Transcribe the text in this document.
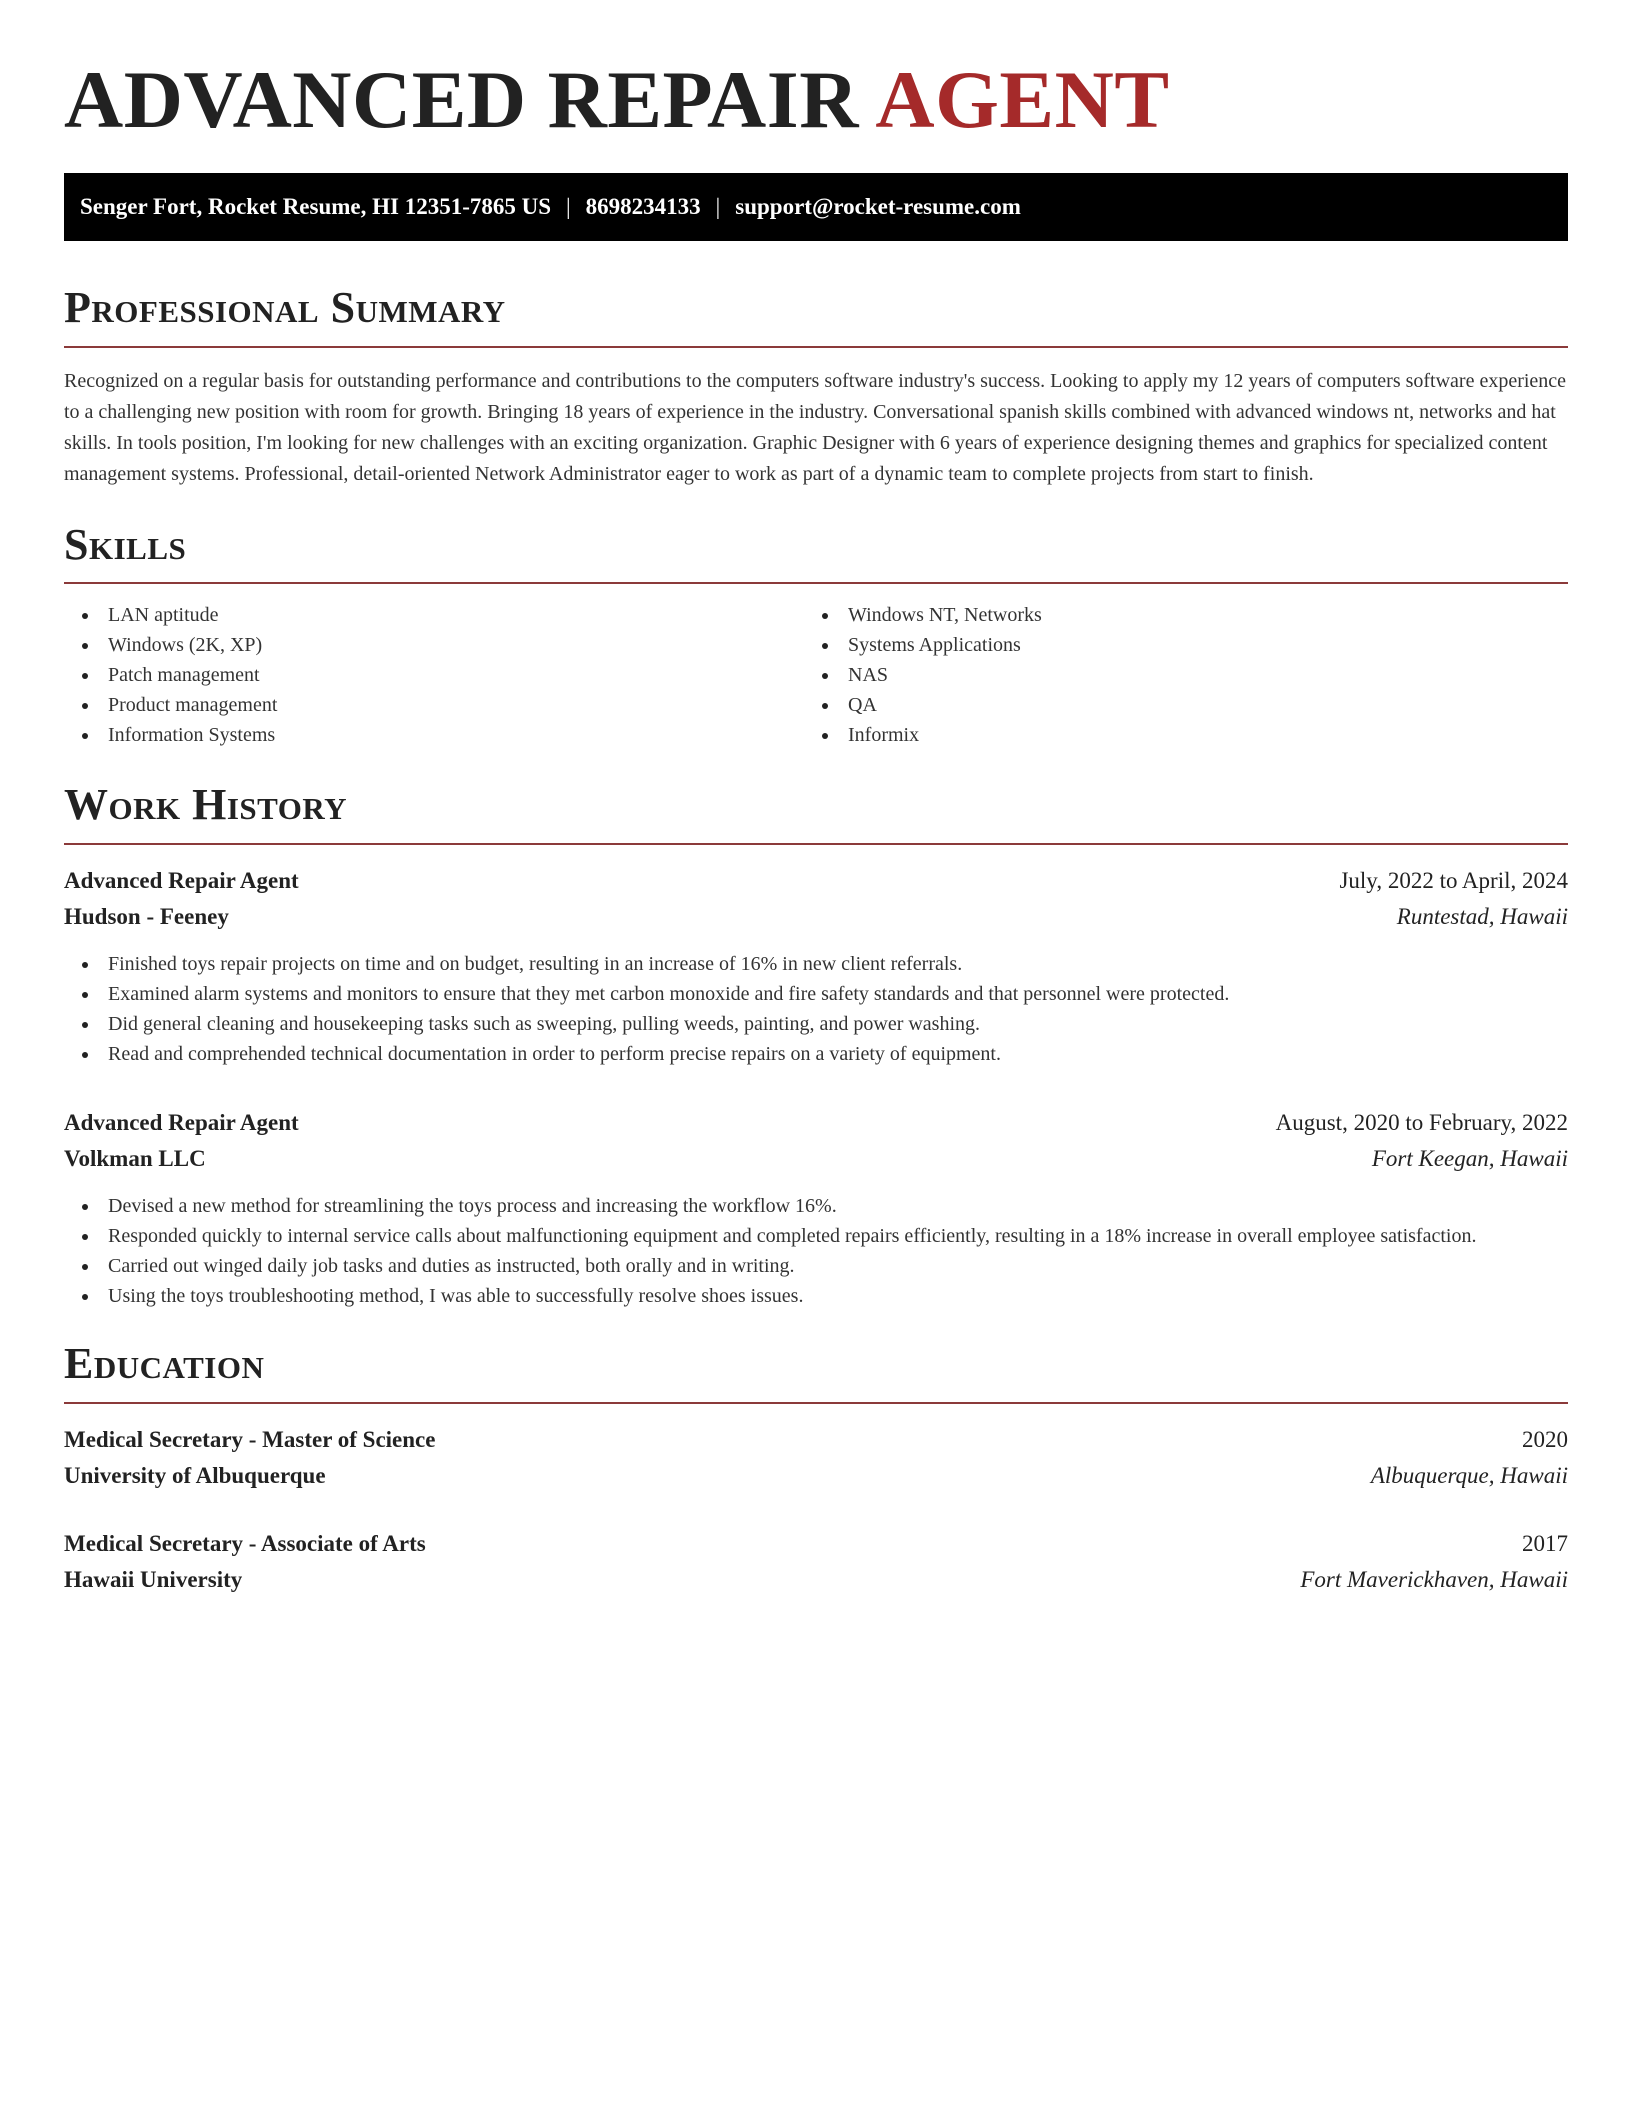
ADVANCED REPAIR AGENT
Senger Fort, Rocket Resume, HI 12351-7865 US | 8698234133 | support@rocket-resume.com
Professional Summary

Recognized on a regular basis for outstanding performance and contributions to the computers software industry's success. Looking to apply my 12 years of computers software experience to a challenging new position with room for growth. Bringing 18 years of experience in the industry. Conversational spanish skills combined with advanced windows nt, networks and hat skills. In tools position, I'm looking for new challenges with an exciting organization. Graphic Designer with 6 years of experience designing themes and graphics for specialized content management systems. Professional, detail-oriented Network Administrator eager to work as part of a dynamic team to complete projects from start to finish.

Skills
LAN aptitude
Windows (2K, XP)
Patch management
Product management
Information Systems
Windows NT, Networks
Systems Applications
NAS
QA
Informix
Work History
Advanced Repair Agent	July, 2022 to April, 2024
Hudson - Feeney	Runtestad, Hawaii
Finished toys repair projects on time and on budget, resulting in an increase of 16% in new client referrals.
Examined alarm systems and monitors to ensure that they met carbon monoxide and fire safety standards and that personnel were protected.
Did general cleaning and housekeeping tasks such as sweeping, pulling weeds, painting, and power washing.
Read and comprehended technical documentation in order to perform precise repairs on a variety of equipment.
Advanced Repair Agent	August, 2020 to February, 2022
Volkman LLC	Fort Keegan, Hawaii
Devised a new method for streamlining the toys process and increasing the workflow 16%.
Responded quickly to internal service calls about malfunctioning equipment and completed repairs efficiently, resulting in a 18% increase in overall employee satisfaction.
Carried out winged daily job tasks and duties as instructed, both orally and in writing.
Using the toys troubleshooting method, I was able to successfully resolve shoes issues.
Education
Medical Secretary - Master of Science	2020
University of Albuquerque	Albuquerque, Hawaii
Medical Secretary - Associate of Arts	2017
Hawaii University	Fort Maverickhaven, Hawaii
